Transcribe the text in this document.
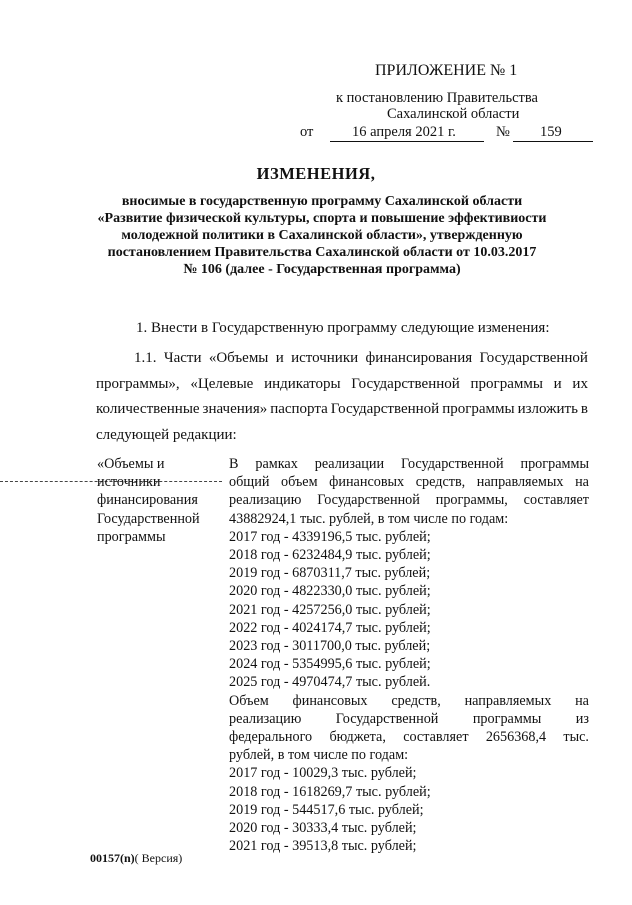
ПРИЛОЖЕНИЕ № 1
к постановлению Правительства
Сахалинской области
от	16 апреля 2021 г.	№ 159
ИЗМЕНЕНИЯ,
вносимые в государственную программу Сахалинской области
«Развитие физической культуры, спорта и повышение эффективиости
молодежной политики в Сахалинской области», утвержденную
постановлением Правительства Сахалинской области от 10.03.2017
№ 106 (далее - Государственная программа)
1. Внести в Государственную программу следующие изменения:
1.1. Части «Объемы и источники финансирования Государственной
программы», «Целевые индикаторы Государственной программы и их
количественные значения» паспорта Государственной программы изложить в
следующей редакции:
«Объемы и
источники
финансирования
Государственной
программы
В рамках реализации Государственной программы
общий объем финансовых средств, направляемых на
реализацию Государственной программы, составляет
43882924,1 тыс. рублей, в том числе по годам:
2017 год - 4339196,5 тыс. рублей;
2018 год - 6232484,9 тыс. рублей;
2019 год - 6870311,7 тыс. рублей;
2020 год - 4822330,0 тыс. рублей;
2021 год - 4257256,0 тыс. рублей;
2022 год - 4024174,7 тыс. рублей;
2023 год - 3011700,0 тыс. рублей;
2024 год - 5354995,6 тыс. рублей;
2025 год - 4970474,7 тыс. рублей.
Объем финансовых средств, направляемых на
реализацию Государственной программы из
федерального бюджета, составляет 2656368,4 тыс.
рублей, в том числе по годам:
2017 год - 10029,3 тыс. рублей;
2018 год - 1618269,7 тыс. рублей;
2019 год - 544517,6 тыс. рублей;
2020 год - 30333,4 тыс. рублей;
2021 год - 39513,8 тыс. рублей;
00157(n)( Версия)
